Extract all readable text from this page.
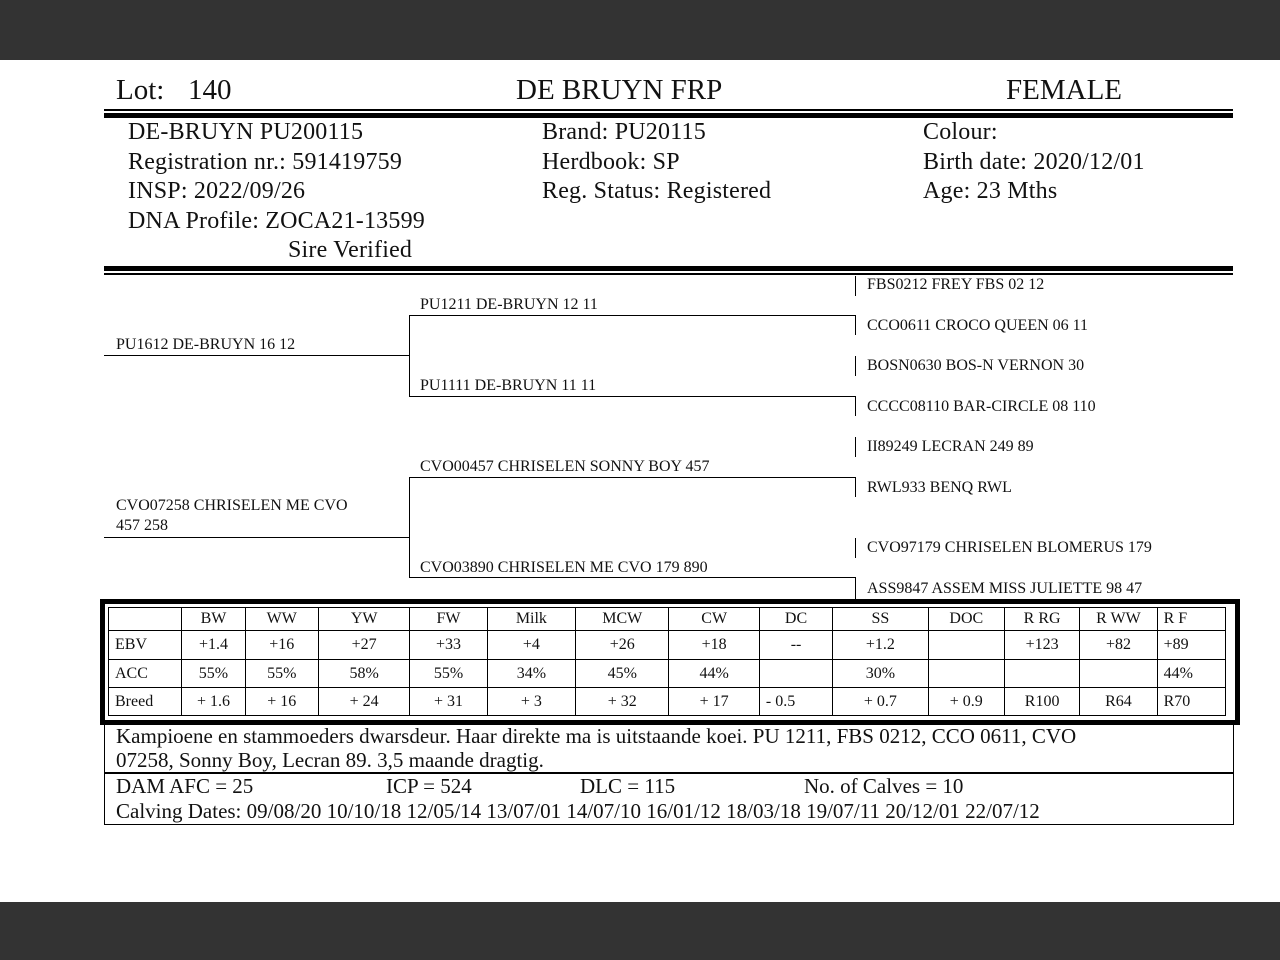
Lot: 140	DE BRUYN FRP	FEMALE
DE-BRUYN PU200115
Registration nr.: 591419759
INSP: 2022/09/26
DNA Profile: ZOCA21-13599
Sire Verified
Brand: PU20115
Herdbook: SP
Reg. Status: Registered
Colour:
Birth date: 2020/12/01
Age: 23 Mths
PU1612 DE-BRUYN 16 12
CVO07258 CHRISELEN ME CVO
457 258
PU1211 DE-BRUYN 12 11
PU1111 DE-BRUYN 11 11
CVO00457 CHRISELEN SONNY BOY 457
CVO03890 CHRISELEN ME CVO 179 890
FBS0212 FREY FBS 02 12
CCO0611 CROCO QUEEN 06 11
BOSN0630 BOS-N VERNON 30
CCCC08110 BAR-CIRCLE 08 110
II89249 LECRAN 249 89
RWL933 BENQ RWL
CVO97179 CHRISELEN BLOMERUS 179
ASS9847 ASSEM MISS JULIETTE 98 47
	BW	WW	YW	FW	Milk	MCW	CW	DC	SS	DOC	R RG	R WW	R F
EBV	+1.4	+16	+27	+33	+4	+26	+18	--	+1.2		+123	+82	+89
ACC	55%	55%	58%	55%	34%	45%	44%		30%				44%
Breed	+ 1.6	+ 16	+ 24	+ 31	+ 3	+ 32	+ 17	- 0.5	+ 0.7	+ 0.9	R100	R64	R70
Kampioene en stammoeders dwarsdeur. Haar direkte ma is uitstaande koei. PU 1211, FBS 0212, CCO 0611, CVO
07258, Sonny Boy, Lecran 89. 3,5 maande dragtig.
DAM AFC = 25	ICP = 524	DLC = 115	No. of Calves = 10
Calving Dates: 09/08/20 10/10/18 12/05/14 13/07/01 14/07/10 16/01/12 18/03/18 19/07/11 20/12/01 22/07/12
